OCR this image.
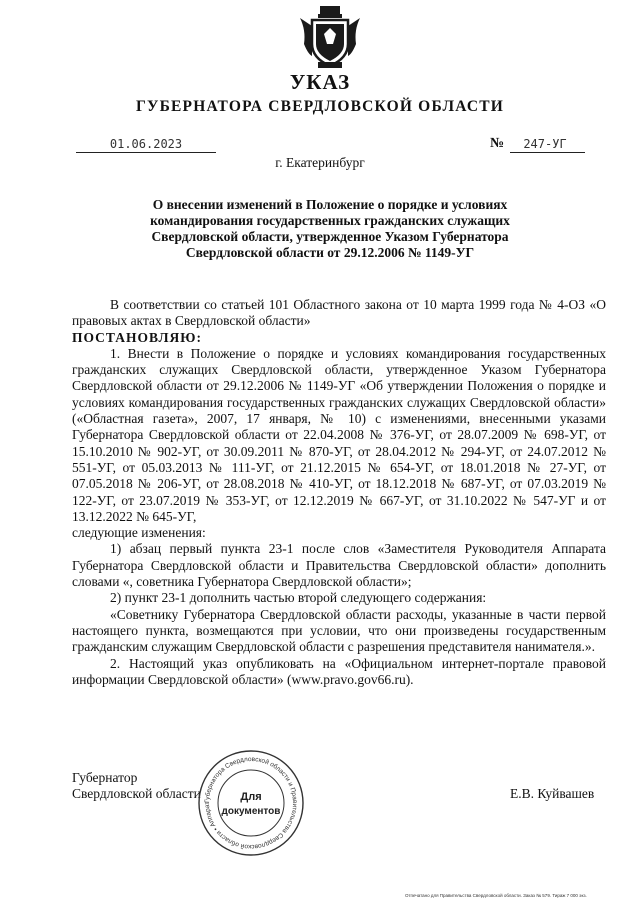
УКАЗ
ГУБЕРНАТОРА СВЕРДЛОВСКОЙ ОБЛАСТИ
01.06.2023	№	247-УГ
г. Екатеринбург
О внесении изменений в Положение о порядке и условиях
командирования государственных гражданских служащих
Свердловской области, утвержденное Указом Губернатора
Свердловской области от 29.12.2006 № 1149-УГ

В соответствии со статьей 101 Областного закона от 10 марта 1999 года № 4-ОЗ «О правовых актах в Свердловской области»

ПОСТАНОВЛЯЮ:

1. Внести в Положение о порядке и условиях командирования государственных гражданских служащих Свердловской области, утвержденное Указом Губернатора Свердловской области от 29.12.2006 № 1149-УГ «Об утверждении Положения о порядке и условиях командирования государственных гражданских служащих Свердловской области» («Областная газета», 2007, 17 января, № 10) с изменениями, внесенными указами Губернатора Свердловской области от 22.04.2008 № 376-УГ, от 28.07.2009 № 698-УГ, от 15.10.2010 № 902-УГ, от 30.09.2011 № 870-УГ, от 28.04.2012 № 294-УГ, от 24.07.2012 № 551-УГ, от 05.03.2013 № 111-УГ, от 21.12.2015 № 654-УГ, от 18.01.2018 № 27-УГ, от 07.05.2018 № 206-УГ, от 28.08.2018 № 410-УГ, от 18.12.2018 № 687-УГ, от 07.03.2019 № 122-УГ, от 23.07.2019 № 353-УГ, от 12.12.2019 № 667-УГ, от 31.10.2022 № 547-УГ и от 13.12.2022 № 645-УГ,

следующие изменения:

1) абзац первый пункта 23-1 после слов «Заместителя Руководителя Аппарата Губернатора Свердловской области и Правительства Свердловской области» дополнить словами «, советника Губернатора Свердловской области»;

2) пункт 23-1 дополнить частью второй следующего содержания:

«Советнику Губернатора Свердловской области расходы, указанные в части первой настоящего пункта, возмещаются при условии, что они произведены государственным гражданским служащим Свердловской области с разрешения представителя нанимателя.».

2. Настоящий указ опубликовать на «Официальном интернет-портале правовой информации Свердловской области» (www.pravo.gov66.ru).

Губернатор
Свердловской области	Е.В. Куйвашев
Губернатора Свердловской области и Правительства Свердловской области • Аппарат
Для
документов
Отпечатано для Правительства Свердловской области. Заказ № 579. Тираж 7 000 экз.
